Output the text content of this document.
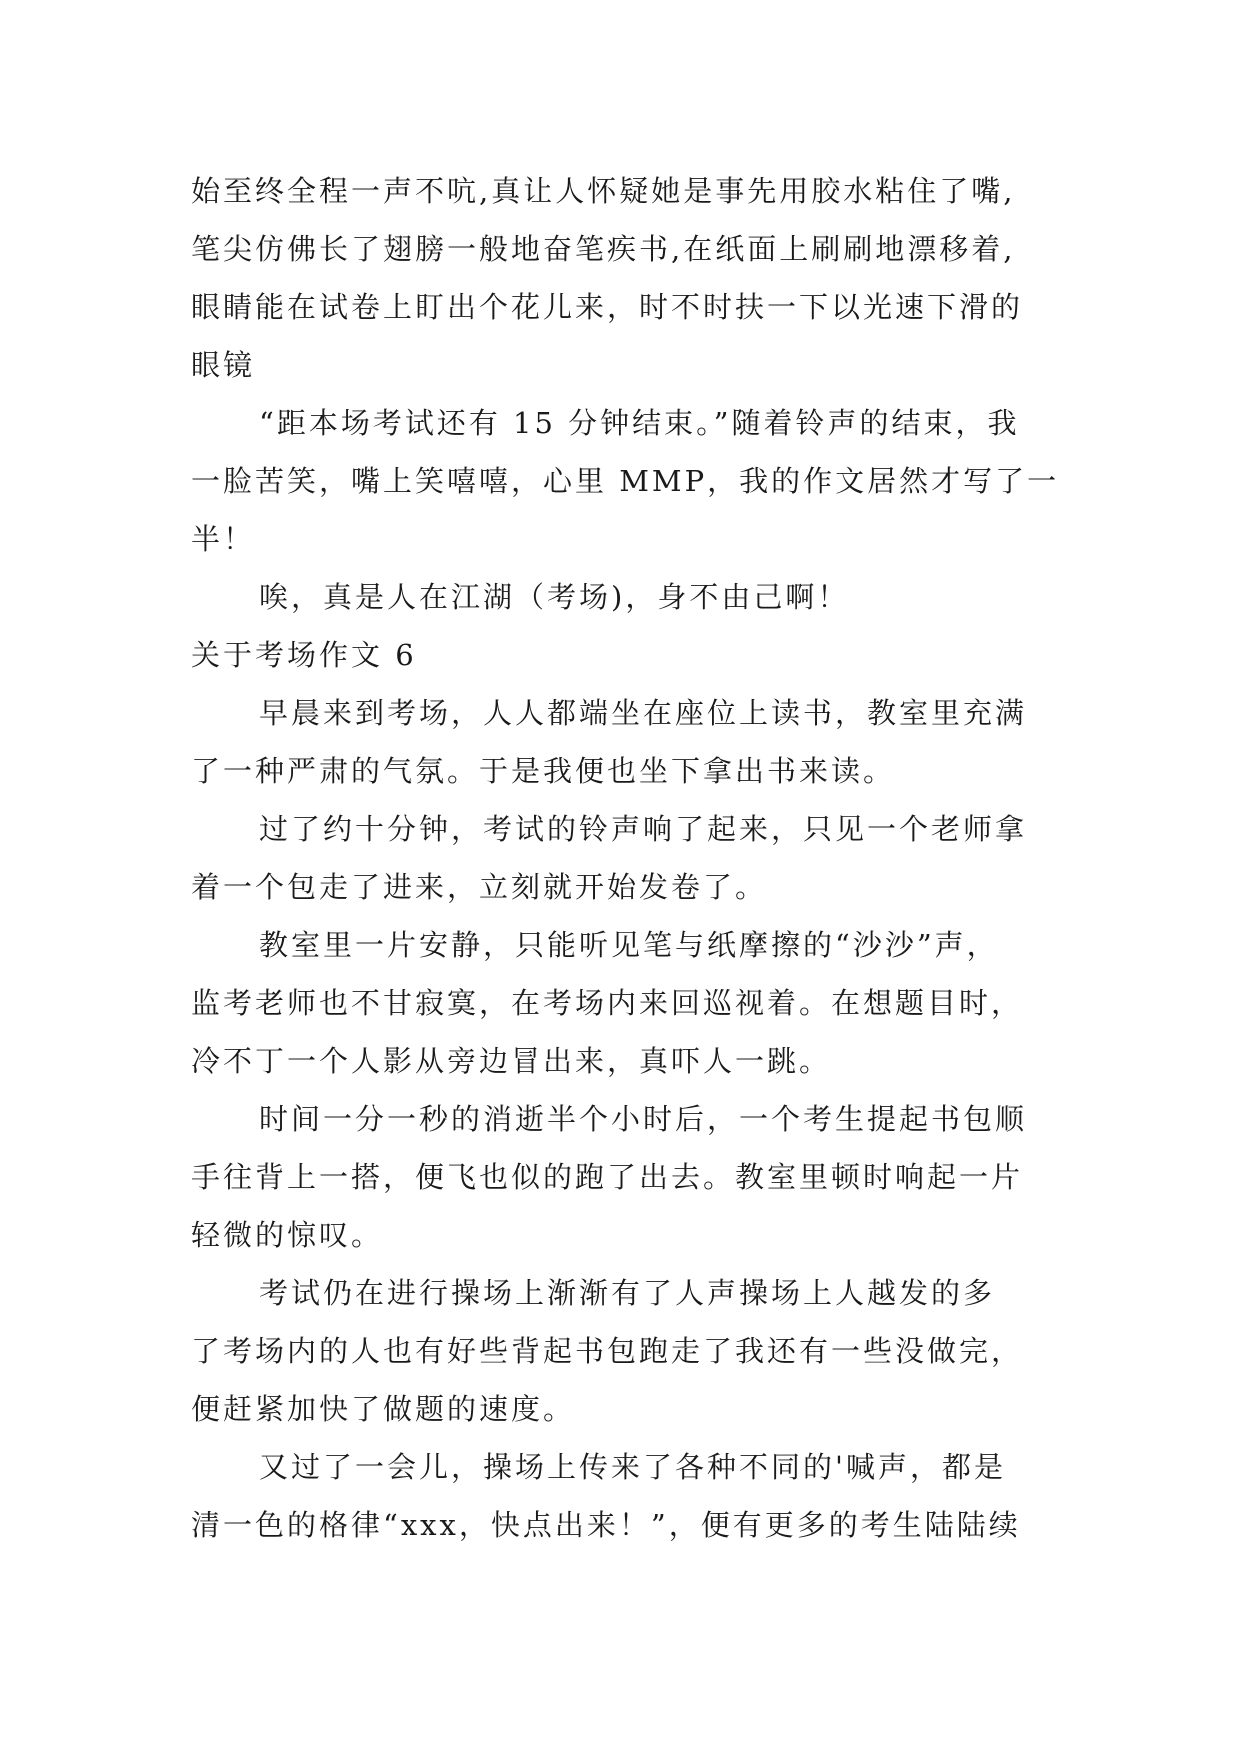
始至终全程一声不吭,真让人怀疑她是事先用胶水粘住了嘴,

笔尖仿佛长了翅膀一般地奋笔疾书,在纸面上刷刷地漂移着,

眼睛能在试卷上盯出个花儿来，时不时扶一下以光速下滑的

眼镜

“距本场考试还有 15 分钟结束。”随着铃声的结束，我

一脸苦笑，嘴上笑嘻嘻，心里 MMP，我的作文居然才写了一

半！

唉，真是人在江湖（考场)，身不由己啊！

关于考场作文 6

早晨来到考场，人人都端坐在座位上读书，教室里充满

了一种严肃的气氛。于是我便也坐下拿出书来读。

过了约十分钟，考试的铃声响了起来，只见一个老师拿

着一个包走了进来，立刻就开始发卷了。

教室里一片安静，只能听见笔与纸摩擦的“沙沙”声，

监考老师也不甘寂寞，在考场内来回巡视着。在想题目时，

冷不丁一个人影从旁边冒出来，真吓人一跳。

时间一分一秒的消逝半个小时后，一个考生提起书包顺

手往背上一搭，便飞也似的跑了出去。教室里顿时响起一片

轻微的惊叹。

考试仍在进行操场上渐渐有了人声操场上人越发的多

了考场内的人也有好些背起书包跑走了我还有一些没做完，

便赶紧加快了做题的速度。

又过了一会儿，操场上传来了各种不同的'喊声，都是

清一色的格律“xxx，快点出来！”，便有更多的考生陆陆续
